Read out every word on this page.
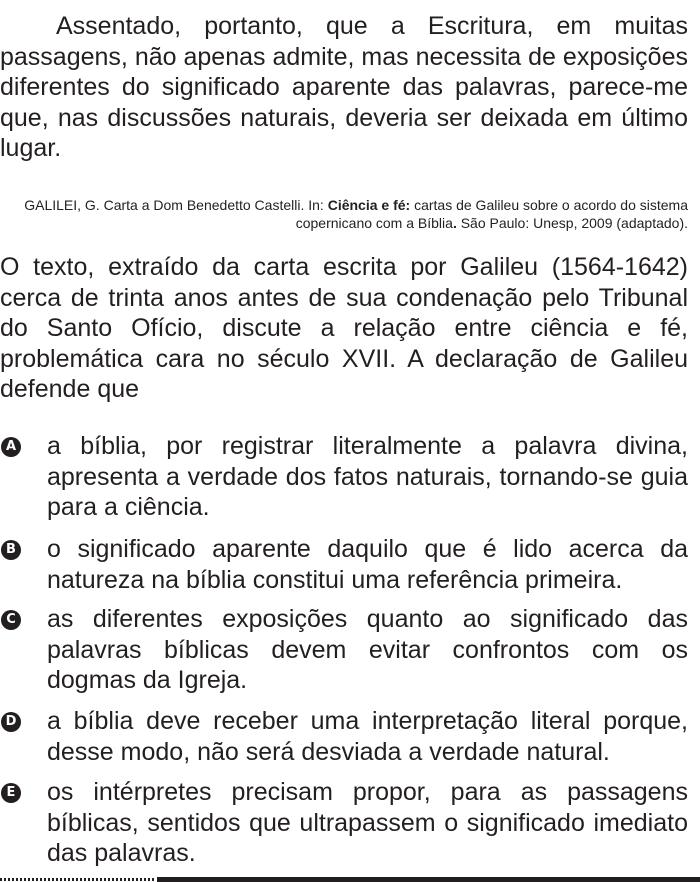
Assentado, portanto, que a Escritura, em muitas passagens, não apenas admite, mas necessita de exposições diferentes do significado aparente das palavras, parece-me que, nas discussões naturais, deveria ser deixada em último lugar.

GALILEI, G. Carta a Dom Benedetto Castelli. In: Ciência e fé: cartas de Galileu sobre o acordo do sistema copernicano com a Bíblia. São Paulo: Unesp, 2009 (adaptado).

O texto, extraído da carta escrita por Galileu (1564-1642) cerca de trinta anos antes de sua condenação pelo Tribunal do Santo Ofício, discute a relação entre ciência e fé, problemática cara no século XVII. A declaração de Galileu defende que

A a bíblia, por registrar literalmente a palavra divina, apresenta a verdade dos fatos naturais, tornando-se guia para a ciência.

B o significado aparente daquilo que é lido acerca da natureza na bíblia constitui uma referência primeira.

C as diferentes exposições quanto ao significado das palavras bíblicas devem evitar confrontos com os dogmas da Igreja.

D a bíblia deve receber uma interpretação literal porque, desse modo, não será desviada a verdade natural.

E os intérpretes precisam propor, para as passagens bíblicas, sentidos que ultrapassem o significado imediato das palavras.
